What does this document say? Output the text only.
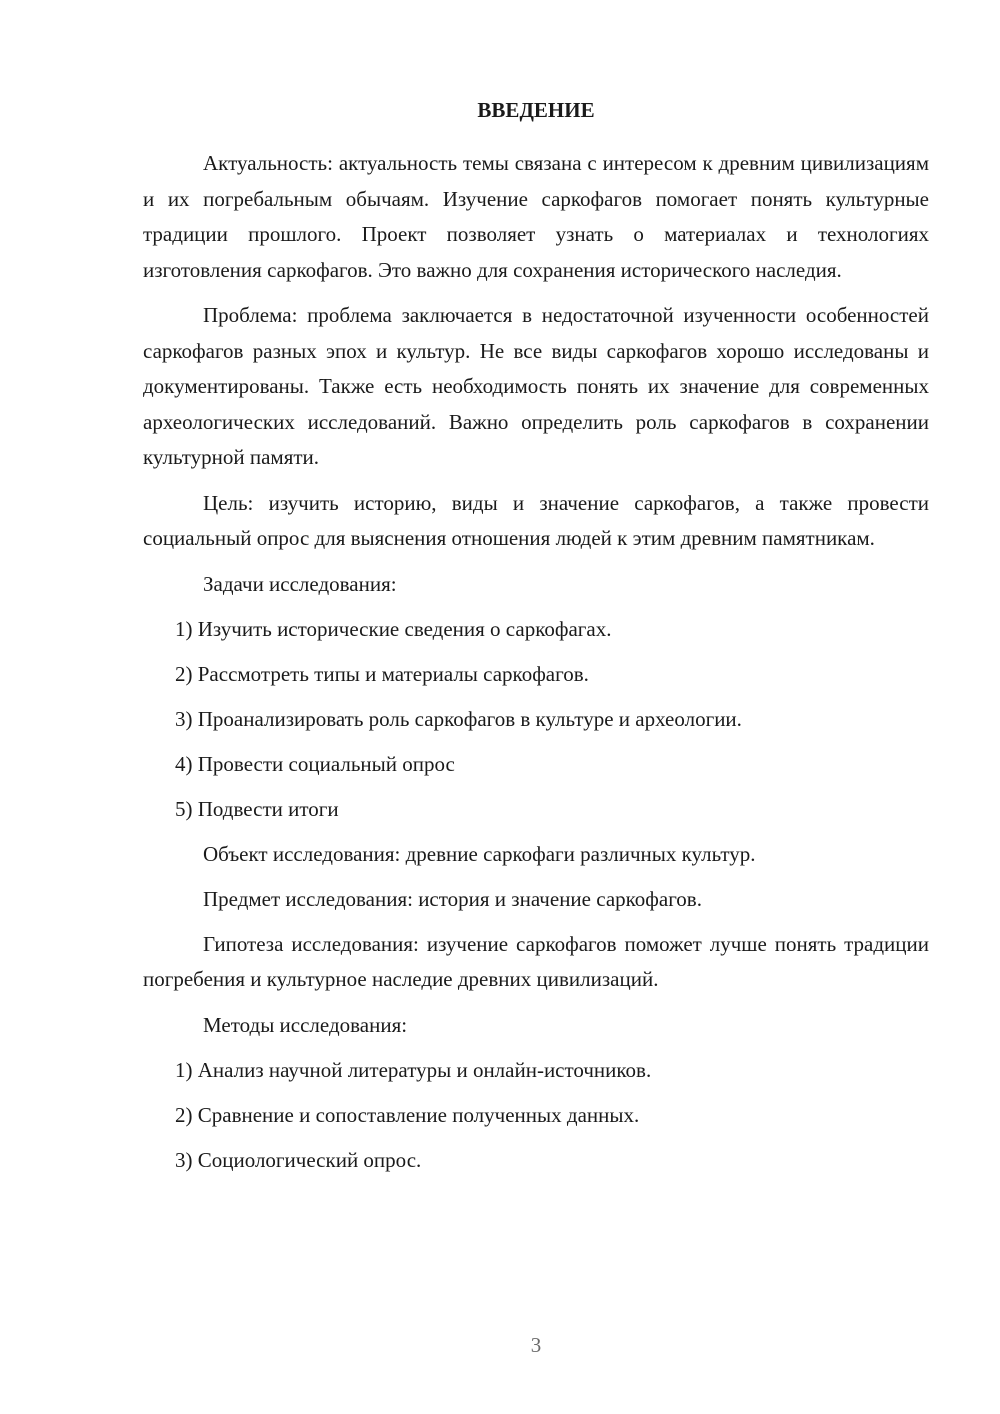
ВВЕДЕНИЕ

Актуальность: актуальность темы связана с интересом к древним цивилизациям и их погребальным обычаям. Изучение саркофагов помогает понять культурные традиции прошлого. Проект позволяет узнать о материалах и технологиях изготовления саркофагов. Это важно для сохранения исторического наследия.

Проблема: проблема заключается в недостаточной изученности особенностей саркофагов разных эпох и культур. Не все виды саркофагов хорошо исследованы и документированы. Также есть необходимость понять их значение для современных археологических исследований. Важно определить роль саркофагов в сохранении культурной памяти.

Цель: изучить историю, виды и значение саркофагов, а также провести социальный опрос для выяснения отношения людей к этим древним памятникам.

Задачи исследования:
1) Изучить исторические сведения о саркофагах.
2) Рассмотреть типы и материалы саркофагов.
3) Проанализировать роль саркофагов в культуре и археологии.
4) Провести социальный опрос
5) Подвести итоги
Объект исследования: древние саркофаги различных культур.
Предмет исследования: история и значение саркофагов.

Гипотеза исследования: изучение саркофагов поможет лучше понять традиции погребения и культурное наследие древних цивилизаций.

Методы исследования:
1) Анализ научной литературы и онлайн-источников.
2) Сравнение и сопоставление полученных данных.
3) Социологический опрос.
3
